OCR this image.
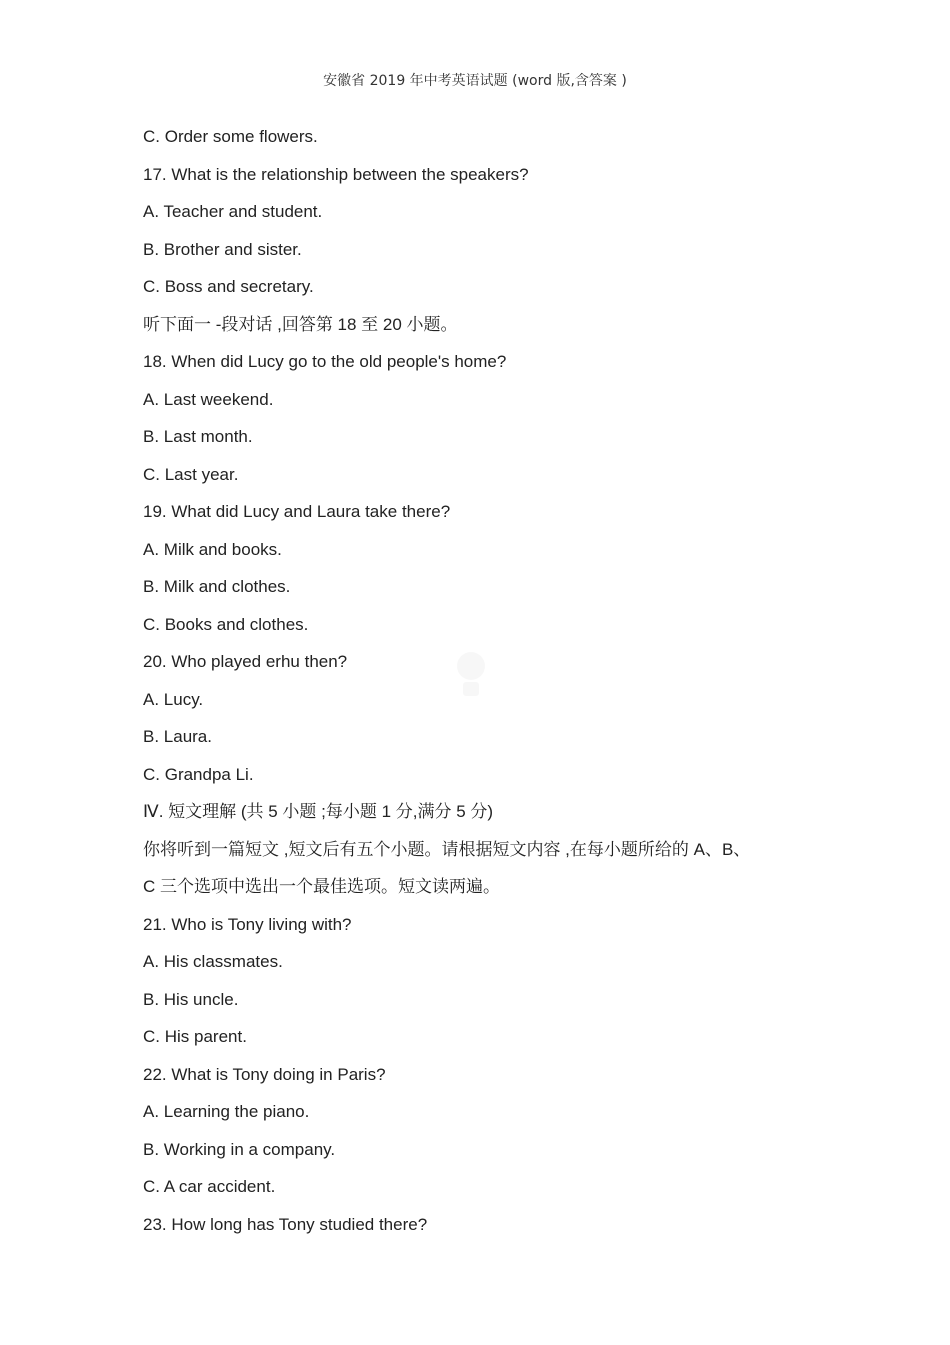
安徽省 2019 年中考英语试题 (word 版,含答案 )
C. Order some flowers.
17. What is the relationship between the speakers?
A. Teacher and student.
B. Brother and sister.
C. Boss and secretary.
听下面一 -段对话 ,回答第 18 至 20 小题。
18. When did Lucy go to the old people's home?
A. Last weekend.
B. Last month.
C. Last year.
19. What did Lucy and Laura take there?
A. Milk and books.
B. Milk and clothes.
C. Books and clothes.
20. Who played erhu then?
A. Lucy.
B. Laura.
C. Grandpa Li.
Ⅳ. 短文理解 (共 5 小题 ;每小题 1 分,满分 5 分)
你将听到一篇短文 ,短文后有五个小题。请根据短文内容 ,在每小题所给的 A、B、
C 三个选项中选出一个最佳选项。短文读两遍。
21. Who is Tony living with?
A. His classmates.
B. His uncle.
C. His parent.
22. What is Tony doing in Paris?
A. Learning the piano.
B. Working in a company.
C. A car accident.
23. How long has Tony studied there?
